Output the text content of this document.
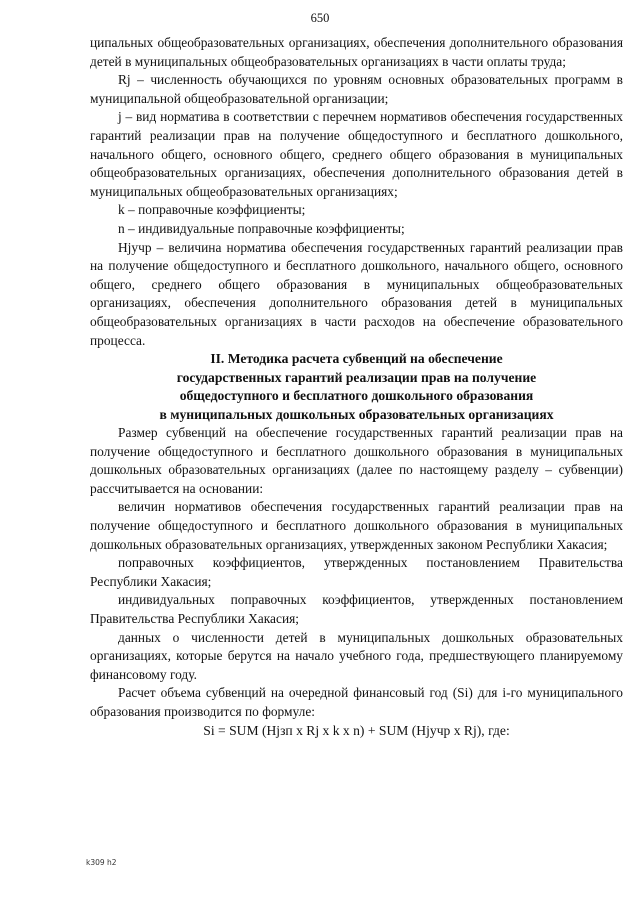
650

ципальных общеобразовательных организациях, обеспечения дополнительного образования детей в муниципальных общеобразовательных организациях в части оплаты труда;

Rj – численность обучающихся по уровням основных образовательных программ в муниципальной общеобразовательной организации;

j – вид норматива в соответствии с перечнем нормативов обеспечения государственных гарантий реализации прав на получение общедоступного и бесплатного дошкольного, начального общего, основного общего, среднего общего образования в муниципальных общеобразовательных организациях, обеспечения дополнительного образования детей в муниципальных общеобразовательных организациях;

k – поправочные коэффициенты;

n – индивидуальные поправочные коэффициенты;

Hjучр – величина норматива обеспечения государственных гарантий реализации прав на получение общедоступного и бесплатного дошкольного, начального общего, основного общего, среднего общего образования в муниципальных общеобразовательных организациях, обеспечения дополнительного образования детей в муниципальных общеобразовательных организациях в части расходов на обеспечение образовательного процесса.

II. Методика расчета субвенций на обеспечение
государственных гарантий реализации прав на получение
общедоступного и бесплатного дошкольного образования
в муниципальных дошкольных образовательных организациях

Размер субвенций на обеспечение государственных гарантий реализации прав на получение общедоступного и бесплатного дошкольного образования в муниципальных дошкольных образовательных организациях (далее по настоящему разделу – субвенции) рассчитывается на основании:

величин нормативов обеспечения государственных гарантий реализации прав на получение общедоступного и бесплатного дошкольного образования в муниципальных дошкольных образовательных организациях, утвержденных законом Республики Хакасия;

поправочных коэффициентов, утвержденных постановлением Правительства Республики Хакасия;

индивидуальных поправочных коэффициентов, утвержденных постановлением Правительства Республики Хакасия;

данных о численности детей в муниципальных дошкольных образовательных организациях, которые берутся на начало учебного года, предшествующего планируемому финансовому году.

Расчет объема субвенций на очередной финансовый год (Si) для i-го муниципального образования производится по формуле:

Si = SUM (Hjзп x Rj x k x n) + SUM (Hjучр x Rj), где:

k309 h2
